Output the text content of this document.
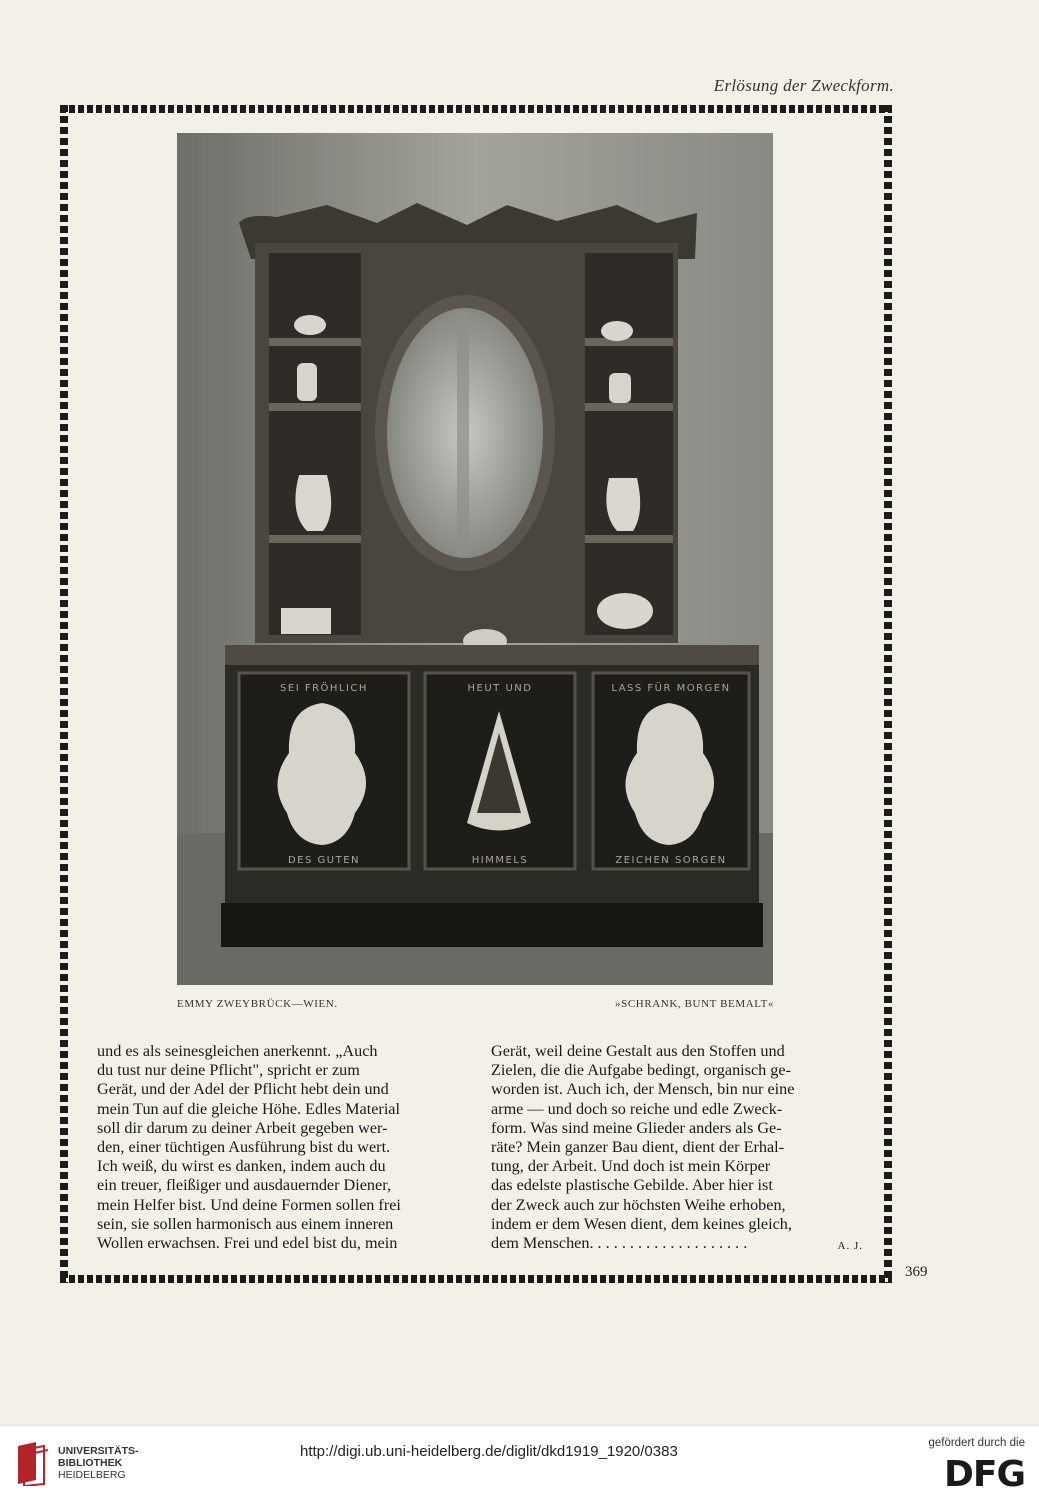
Erlösung der Zweckform.
SEI FRÖHLICH	HEUT UND	LASS FÜR MORGEN
DES GUTEN	HIMMELS	ZEICHEN SORGEN
EMMY ZWEYBRÜCK—WIEN.	»SCHRANK, BUNT BEMALT«

und es als seinesgleichen anerkennt. „Auch

du tust nur deine Pflicht", spricht er zum

Gerät, und der Adel der Pflicht hebt dein und

mein Tun auf die gleiche Höhe. Edles Material

soll dir darum zu deiner Arbeit gegeben wer-

den, einer tüchtigen Ausführung bist du wert.

Ich weiß, du wirst es danken, indem auch du

ein treuer, fleißiger und ausdauernder Diener,

mein Helfer bist. Und deine Formen sollen frei

sein, sie sollen harmonisch aus einem inneren

Wollen erwachsen. Frei und edel bist du, mein

Gerät, weil deine Gestalt aus den Stoffen und

Zielen, die die Aufgabe bedingt, organisch ge-

worden ist. Auch ich, der Mensch, bin nur eine

arme — und doch so reiche und edle Zweck-

form. Was sind meine Glieder anders als Ge-

räte? Mein ganzer Bau dient, dient der Erhal-

tung, der Arbeit. Und doch ist mein Körper

das edelste plastische Gebilde. Aber hier ist

der Zweck auch zur höchsten Weihe erhoben,

indem er dem Wesen dient, dem keines gleich,

dem Menschen. . . . . . . . . . . . . . . . . . . .	A. J.

369
UNIVERSITÄTS-
BIBLIOTHEK
HEIDELBERG
http://digi.ub.uni-heidelberg.de/diglit/dkd1919_1920/0383	gefördert durch die
DFG
